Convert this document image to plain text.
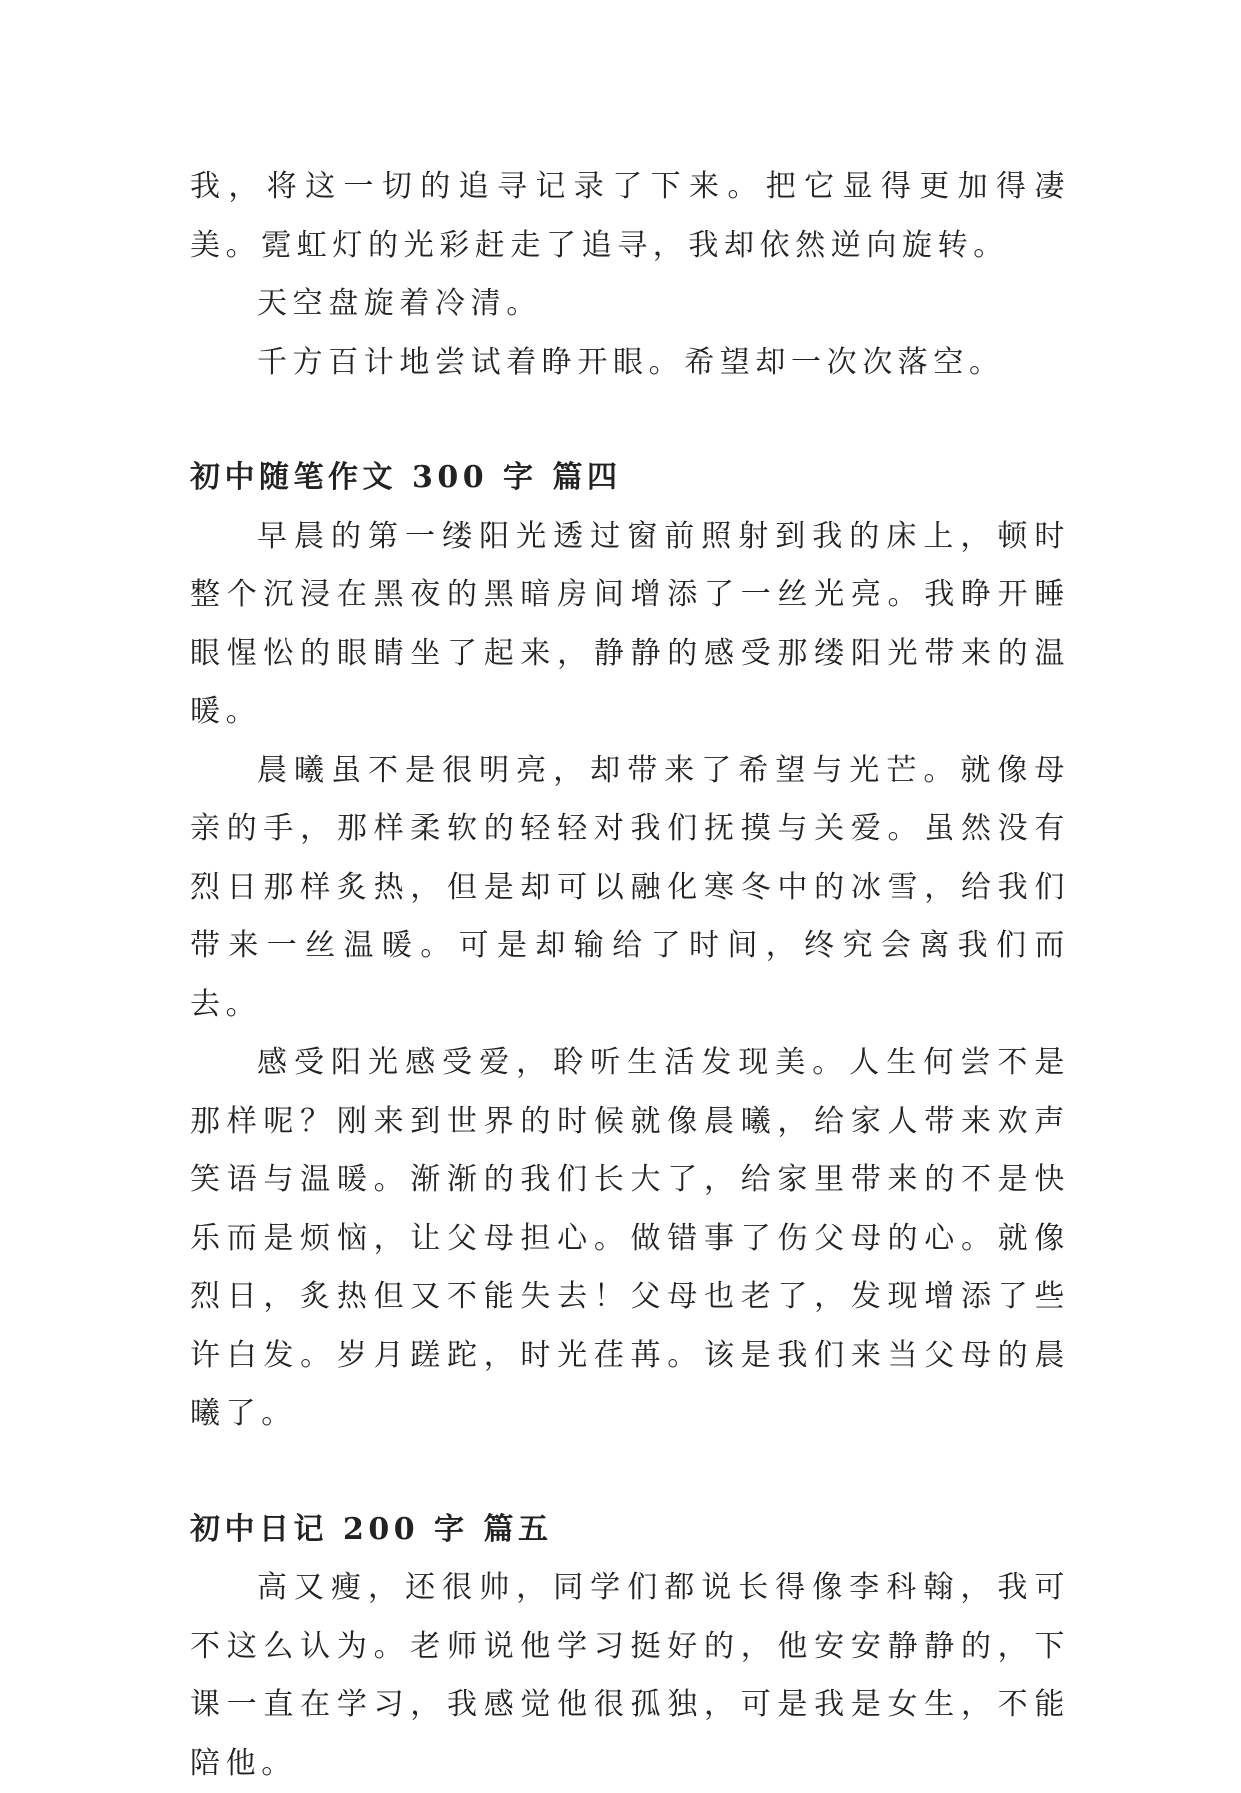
我，将这一切的追寻记录了下来。把它显得更加得凄美。霓虹灯的光彩赶走了追寻，我却依然逆向旋转。

天空盘旋着冷清。

千方百计地尝试着睁开眼。希望却一次次落空。

初中随笔作文 300 字 篇四

早晨的第一缕阳光透过窗前照射到我的床上，顿时整个沉浸在黑夜的黑暗房间增添了一丝光亮。我睁开睡眼惺忪的眼睛坐了起来，静静的感受那缕阳光带来的温暖。

晨曦虽不是很明亮，却带来了希望与光芒。就像母亲的手，那样柔软的轻轻对我们抚摸与关爱。虽然没有烈日那样炙热，但是却可以融化寒冬中的冰雪，给我们带来一丝温暖。可是却输给了时间，终究会离我们而去。

感受阳光感受爱，聆听生活发现美。人生何尝不是那样呢？刚来到世界的时候就像晨曦，给家人带来欢声笑语与温暖。渐渐的我们长大了，给家里带来的不是快乐而是烦恼，让父母担心。做错事了伤父母的心。就像烈日，炙热但又不能失去！父母也老了，发现增添了些许白发。岁月蹉跎，时光荏苒。该是我们来当父母的晨曦了。

初中日记 200 字 篇五

高又瘦，还很帅，同学们都说长得像李科翰，我可不这么认为。老师说他学习挺好的，他安安静静的，下课一直在学习，我感觉他很孤独，可是我是女生，不能陪他。
